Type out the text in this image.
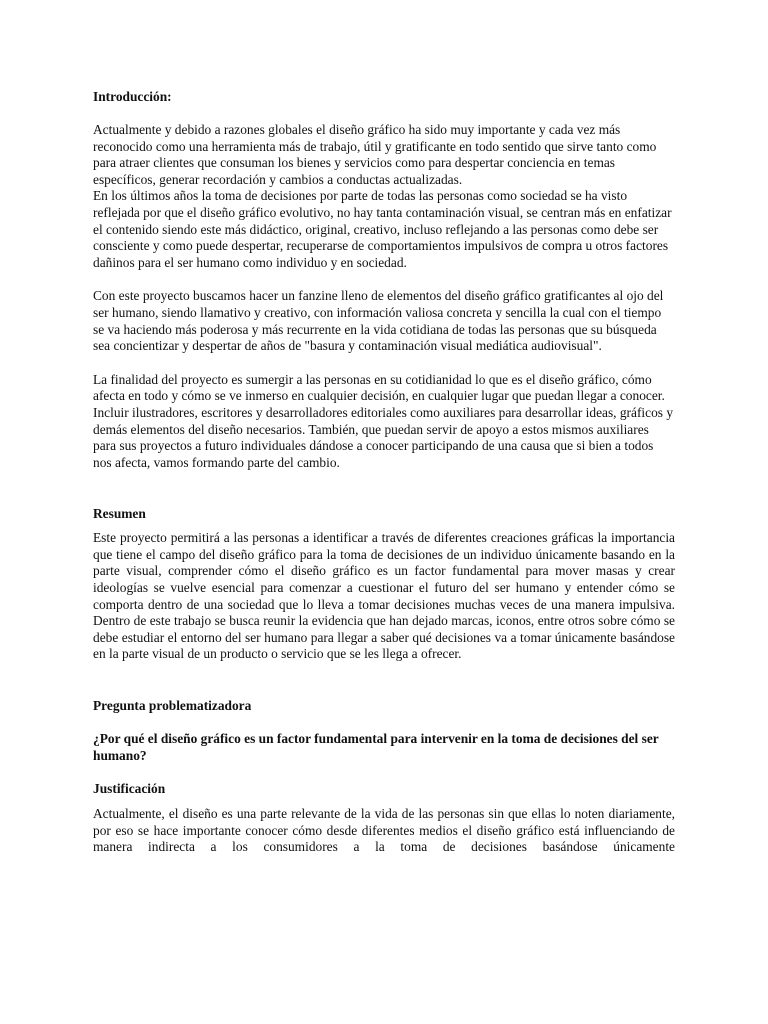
Introducción:

Actualmente y debido a razones globales el diseño gráfico ha sido muy importante y cada vez más reconocido como una herramienta más de trabajo, útil y gratificante en todo sentido que sirve tanto como para atraer clientes que consuman los bienes y servicios como para despertar conciencia en temas específicos, generar recordación y cambios a conductas actualizadas.

En los últimos años la toma de decisiones por parte de todas las personas como sociedad se ha visto reflejada por que el diseño gráfico evolutivo, no hay tanta contaminación visual, se centran más en enfatizar el contenido siendo este más didáctico, original, creativo, incluso reflejando a las personas como debe ser consciente y como puede despertar, recuperarse de comportamientos impulsivos de compra u otros factores dañinos para el ser humano como individuo y en sociedad.

Con este proyecto buscamos hacer un fanzine lleno de elementos del diseño gráfico gratificantes al ojo del ser humano, siendo llamativo y creativo, con información valiosa concreta y sencilla la cual con el tiempo se va haciendo más poderosa y más recurrente en la vida cotidiana de todas las personas que su búsqueda sea concientizar y despertar de años de "basura y contaminación visual mediática audiovisual".

La finalidad del proyecto es sumergir a las personas en su cotidianidad lo que es el diseño gráfico, cómo afecta en todo y cómo se ve inmerso en cualquier decisión, en cualquier lugar que puedan llegar a conocer. Incluir ilustradores, escritores y desarrolladores editoriales como auxiliares para desarrollar ideas, gráficos y demás elementos del diseño necesarios. También, que puedan servir de apoyo a estos mismos auxiliares para sus proyectos a futuro individuales dándose a conocer participando de una causa que si bien a todos nos afecta, vamos formando parte del cambio.

Resumen

Este proyecto permitirá a las personas a identificar a través de diferentes creaciones gráficas la importancia que tiene el campo del diseño gráfico para la toma de decisiones de un individuo únicamente basando en la parte visual, comprender cómo el diseño gráfico es un factor fundamental para mover masas y crear ideologías se vuelve esencial para comenzar a cuestionar el futuro del ser humano y entender cómo se comporta dentro de una sociedad que lo lleva a tomar decisiones muchas veces de una manera impulsiva. Dentro de este trabajo se busca reunir la evidencia que han dejado marcas, iconos, entre otros sobre cómo se debe estudiar el entorno del ser humano para llegar a saber qué decisiones va a tomar únicamente basándose en la parte visual de un producto o servicio que se les llega a ofrecer.

Pregunta problematizadora

¿Por qué el diseño gráfico es un factor fundamental para intervenir en la toma de decisiones del ser humano?

Justificación

Actualmente, el diseño es una parte relevante de la vida de las personas sin que ellas lo noten diariamente, por eso se hace importante conocer cómo desde diferentes medios el diseño gráfico está influenciando de manera indirecta a los consumidores a la toma de decisiones basándose únicamente
